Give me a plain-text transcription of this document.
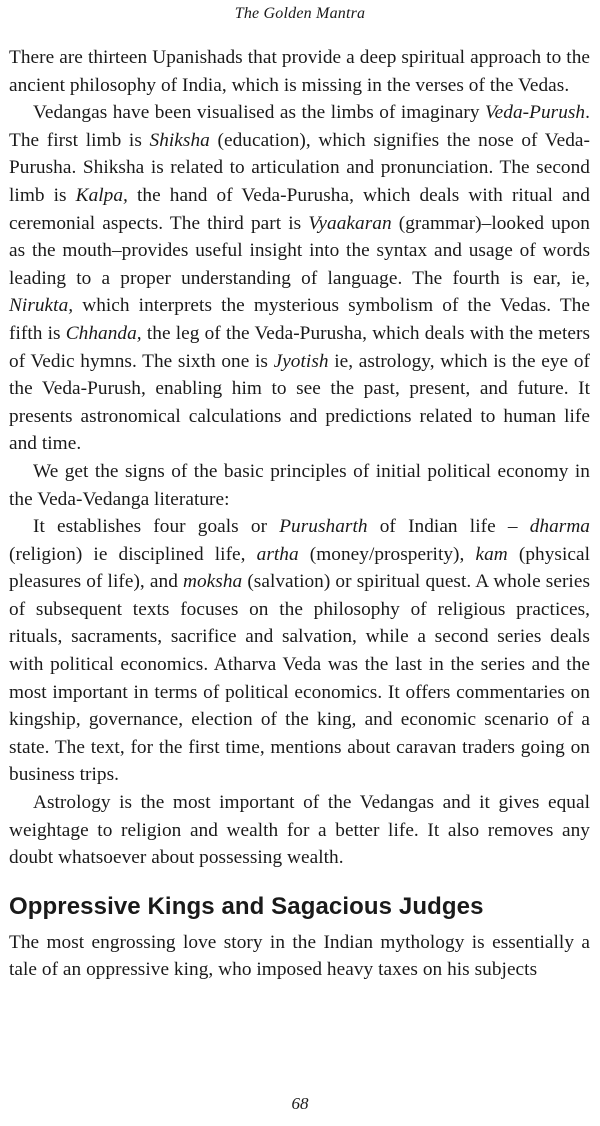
The Golden Mantra

There are thirteen Upanishads that provide a deep spiritual approach to the ancient philosophy of India, which is missing in the verses of the Vedas.

Vedangas have been visualised as the limbs of imaginary Veda-Purush. The first limb is Shiksha (education), which signifies the nose of Veda-Purusha. Shiksha is related to articulation and pronunciation. The second limb is Kalpa, the hand of Veda-Purusha, which deals with ritual and ceremonial aspects. The third part is Vyaakaran (grammar)–looked upon as the mouth–provides useful insight into the syntax and usage of words leading to a proper understanding of language. The fourth is ear, ie, Nirukta, which interprets the mysterious symbolism of the Vedas. The fifth is Chhanda, the leg of the Veda-Purusha, which deals with the meters of Vedic hymns. The sixth one is Jyotish ie, astrology, which is the eye of the Veda-Purush, enabling him to see the past, present, and future. It presents astronomical calculations and predictions related to human life and time.

We get the signs of the basic principles of initial political economy in the Veda-Vedanga literature:

It establishes four goals or Purusharth of Indian life – dharma (religion) ie disciplined life, artha (money/prosperity), kam (physical pleasures of life), and moksha (salvation) or spiritual quest. A whole series of subsequent texts focuses on the philosophy of religious practices, rituals, sacraments, sacrifice and salvation, while a second series deals with political economics. Atharva Veda was the last in the series and the most important in terms of political economics. It offers commentaries on kingship, governance, election of the king, and economic scenario of a state. The text, for the first time, mentions about caravan traders going on business trips.

Astrology is the most important of the Vedangas and it gives equal weightage to religion and wealth for a better life. It also removes any doubt whatsoever about possessing wealth.

Oppressive Kings and Sagacious Judges

The most engrossing love story in the Indian mythology is essentially a tale of an oppressive king, who imposed heavy taxes on his subjects

68
